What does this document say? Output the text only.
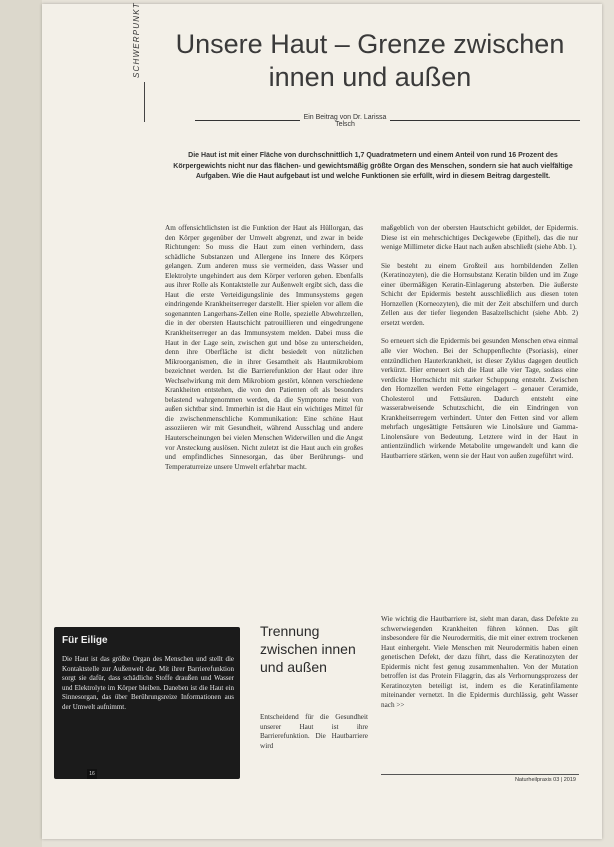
SCHWERPUNKT	Unsere Haut – Grenze zwischen
innen und außen
Ein Beitrag von Dr. Larissa Telsch
Die Haut ist mit einer Fläche von durchschnittlich 1,7 Quadratmetern und einem Anteil von rund 16 Prozent des Körpergewichts nicht nur das flächen- und gewichtsmäßig größte Organ des Menschen, sondern sie hat auch vielfältige Aufgaben. Wie die Haut aufgebaut ist und welche Funktionen sie erfüllt, wird in diesem Beitrag dargestellt.

Am offensichtlichsten ist die Funktion der Haut als Hüllorgan, das den Körper gegenüber der Umwelt abgrenzt, und zwar in beide Richtungen: So muss die Haut zum einen verhindern, dass schädliche Substanzen und Allergene ins Innere des Körpers gelangen. Zum anderen muss sie vermeiden, dass Wasser und Elektrolyte ungehindert aus dem Körper verloren gehen. Ebenfalls aus ihrer Rolle als Kontaktstelle zur Außenwelt ergibt sich, dass die Haut die erste Verteidigungslinie des Immunsystems gegen eindringende Krankheitserreger darstellt. Hier spielen vor allem die sogenannten Langerhans-Zellen eine Rolle, spezielle Abwehrzellen, die in der obersten Hautschicht patrouillieren und eingedrungene Krankheitserreger an das Immunsystem melden. Dabei muss die Haut in der Lage sein, zwischen gut und böse zu unterscheiden, denn ihre Oberfläche ist dicht besiedelt von nützlichen Mikroorganismen, die in ihrer Gesamtheit als Hautmikrobiom bezeichnet werden. Ist die Barrierefunktion der Haut oder ihre Wechselwirkung mit dem Mikrobiom gestört, können verschiedene Krankheiten entstehen, die von den Patienten oft als besonders belastend wahrgenommen werden, da die Symptome meist von außen sichtbar sind. Immerhin ist die Haut ein wichtiges Mittel für die zwischenmenschliche Kommunikation: Eine schöne Haut assoziieren wir mit Gesundheit, während Ausschlag und andere Hauterscheinungen bei vielen Menschen Widerwillen und die Angst vor Ansteckung auslösen. Nicht zuletzt ist die Haut auch ein großes und empfindliches Sinnesorgan, das über Berührungs- und Temperaturreize unsere Umwelt erfahrbar macht.

maßgeblich von der obersten Hautschicht gebildet, der Epidermis. Diese ist ein mehrschichtiges Deckgewebe (Epithel), das die nur wenige Millimeter dicke Haut nach außen abschließt (siehe Abb. 1).

Sie besteht zu einem Großteil aus hornbildenden Zellen (Keratinozyten), die die Hornsubstanz Keratin bilden und im Zuge einer übermäßigen Keratin-Einlagerung absterben. Die äußerste Schicht der Epidermis besteht ausschließlich aus diesen toten Hornzellen (Korneozyten), die mit der Zeit abschilfern und durch Zellen aus der tiefer liegenden Basalzellschicht (siehe Abb. 2) ersetzt werden.

So erneuert sich die Epidermis bei gesunden Menschen etwa einmal alle vier Wochen. Bei der Schuppenflechte (Psoriasis), einer entzündlichen Hauterkrankheit, ist dieser Zyklus dagegen deutlich verkürzt. Hier erneuert sich die Haut alle vier Tage, sodass eine verdickte Hornschicht mit starker Schuppung entsteht. Zwischen den Hornzellen werden Fette eingelagert – genauer Ceramide, Cholesterol und Fettsäuren. Dadurch entsteht eine wasserabweisende Schutzschicht, die ein Eindringen von Krankheitserregern verhindert. Unter den Fetten sind vor allem mehrfach ungesättigte Fettsäuren wie Linolsäure und Gamma-Linolensäure von Bedeutung. Letztere wird in der Haut in antientzündlich wirkende Metabolite umgewandelt und kann die Hautbarriere stärken, wenn sie der Haut von außen zugeführt wird.

Wie wichtig die Hautbarriere ist, sieht man daran, dass Defekte zu schwerwiegenden Krankheiten führen können. Das gilt insbesondere für die Neurodermitis, die mit einer extrem trockenen Haut einhergeht. Viele Menschen mit Neurodermitis haben einen genetischen Defekt, der dazu führt, dass die Keratinozyten der Epidermis nicht fest genug zusammenhalten. Von der Mutation betroffen ist das Protein Filaggrin, das als Verhornungsprozess der Keratinozyten beteiligt ist, indem es die Keratinfilamente miteinander vernetzt. In die Epidermis durchlässig, geht Wasser nach >>

Trennung zwischen innen und außen
Entscheidend für die Gesundheit unserer Haut ist ihre Barrierefunktion. Die Hautbarriere wird
Für Eilige
Die Haut ist das größte Organ des Menschen und stellt die Kontaktstelle zur Außenwelt dar. Mit ihrer Barrierefunktion sorgt sie dafür, dass schädliche Stoffe draußen und Wasser und Elektrolyte im Körper bleiben. Daneben ist die Haut ein Sinnesorgan, das über Berührungsreize Informationen aus der Umwelt aufnimmt.
16
Naturheilpraxis 03 | 2019
